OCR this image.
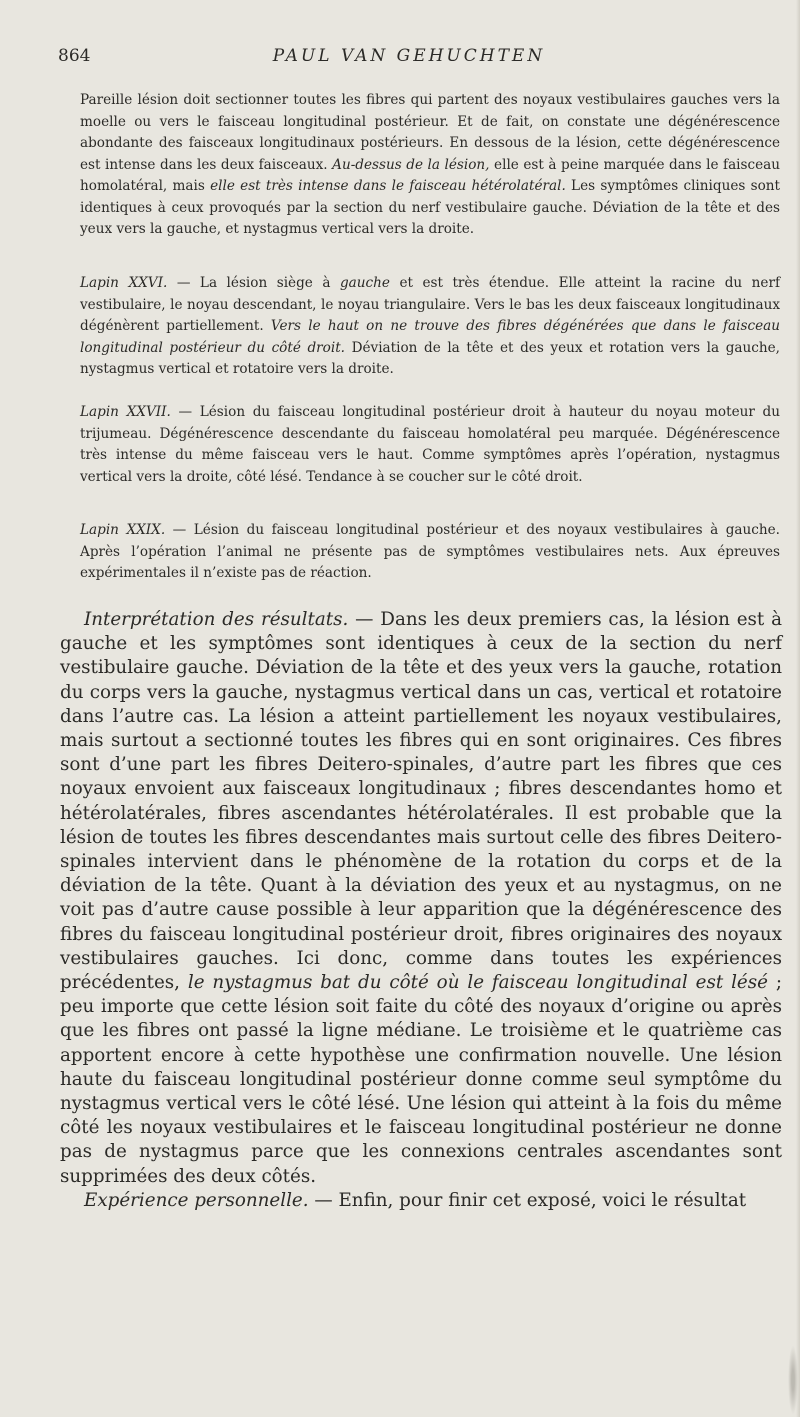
864	PAUL VAN GEHUCHTEN

Pareille lésion doit sectionner toutes les fibres qui partent des noyaux vestibulaires gauches vers la moelle ou vers le faisceau longitudinal postérieur. Et de fait, on constate une dégénérescence abondante des faisceaux longitudinaux postérieurs. En dessous de la lésion, cette dégénérescence est intense dans les deux faisceaux. Au-dessus de la lésion, elle est à peine marquée dans le faisceau homolatéral, mais elle est très intense dans le faisceau hétérolatéral. Les symptômes cliniques sont identiques à ceux provoqués par la section du nerf vestibulaire gauche. Déviation de la tête et des yeux vers la gauche, et nystagmus vertical vers la droite.

Lapin XXVI. — La lésion siège à gauche et est très étendue. Elle atteint la racine du nerf vestibulaire, le noyau descendant, le noyau triangulaire. Vers le bas les deux faisceaux longitudinaux dégénèrent partiellement. Vers le haut on ne trouve des fibres dégénérées que dans le faisceau longitudinal postérieur du côté droit. Déviation de la tête et des yeux et rotation vers la gauche, nystagmus vertical et rotatoire vers la droite.

Lapin XXVII. — Lésion du faisceau longitudinal postérieur droit à hauteur du noyau moteur du trijumeau. Dégénérescence descendante du faisceau homolatéral peu marquée. Dégénérescence très intense du même faisceau vers le haut. Comme symptômes après l’opération, nystagmus vertical vers la droite, côté lésé. Tendance à se coucher sur le côté droit.

Lapin XXIX. — Lésion du faisceau longitudinal postérieur et des noyaux vestibulaires à gauche. Après l’opération l’animal ne présente pas de symptômes vestibulaires nets. Aux épreuves expérimentales il n’existe pas de réaction.

Interprétation des résultats. — Dans les deux premiers cas, la lésion est à gauche et les symptômes sont identiques à ceux de la section du nerf vestibulaire gauche. Déviation de la tête et des yeux vers la gauche, rotation du corps vers la gauche, nystagmus vertical dans un cas, vertical et rotatoire dans l’autre cas. La lésion a atteint partiellement les noyaux vestibulaires, mais surtout a sectionné toutes les fibres qui en sont originaires. Ces fibres sont d’une part les fibres Deitero-spinales, d’autre part les fibres que ces noyaux envoient aux faisceaux longitudinaux ; fibres descendantes homo et hétérolatérales, fibres ascendantes hétérolatérales. Il est probable que la lésion de toutes les fibres descendantes mais surtout celle des fibres Deitero-spinales intervient dans le phénomène de la rotation du corps et de la déviation de la tête. Quant à la déviation des yeux et au nystagmus, on ne voit pas d’autre cause possible à leur apparition que la dégénérescence des fibres du faisceau longitudinal postérieur droit, fibres originaires des noyaux vestibulaires gauches. Ici donc, comme dans toutes les expériences précédentes, le nystagmus bat du côté où le faisceau longitudinal est lésé ; peu importe que cette lésion soit faite du côté des noyaux d’origine ou après que les fibres ont passé la ligne médiane. Le troisième et le quatrième cas apportent encore à cette hypothèse une confirmation nouvelle. Une lésion haute du faisceau longitudinal postérieur donne comme seul symptôme du nystagmus vertical vers le côté lésé. Une lésion qui atteint à la fois du même côté les noyaux vestibulaires et le faisceau longitudinal postérieur ne donne pas de nystagmus parce que les connexions centrales ascendantes sont supprimées des deux côtés.

Expérience personnelle. — Enfin, pour finir cet exposé, voici le résultat
